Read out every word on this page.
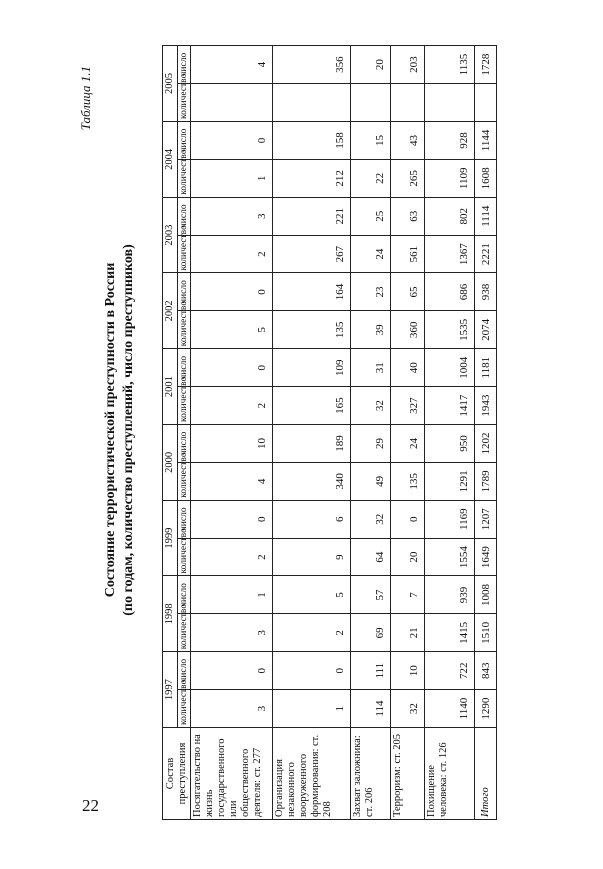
22
Таблица 1.1
Состояние террористической преступности в России (по годам, количество преступлений, число преступников)
Состав преступления	1997		1998		1999		2000		2001		2002		2003		2004		2005	
	количество	число	количество	число	количество	число	количество	число	количество	число	количество	число	количество	число	количество	число	количество	число
Посягательство на жизнь государственного или общественного деятеля: ст. 277	3	0	3	1	2	0	4	10	2	0	5	0	2	3	1	0		4
Организация незаконного вооруженного формирования: ст. 208	1	0	2	5	9	6	340	189	165	109	135	164	267	221	212	158		356
Захват заложника: ст. 206	114	111	69	57	64	32	49	29	32	31	39	23	24	25	22	15		20
Терроризм: ст. 205	32	10	21	7	20	0	135	24	327	40	360	65	561	63	265	43		203
Похищение человека: ст. 126	1140	722	1415	939	1554	1169	1291	950	1417	1004	1535	686	1367	802	1109	928		1135
Итого	1290	843	1510	1008	1649	1207	1789	1202	1943	1181	2074	938	2221	1114	1608	1144		1728
